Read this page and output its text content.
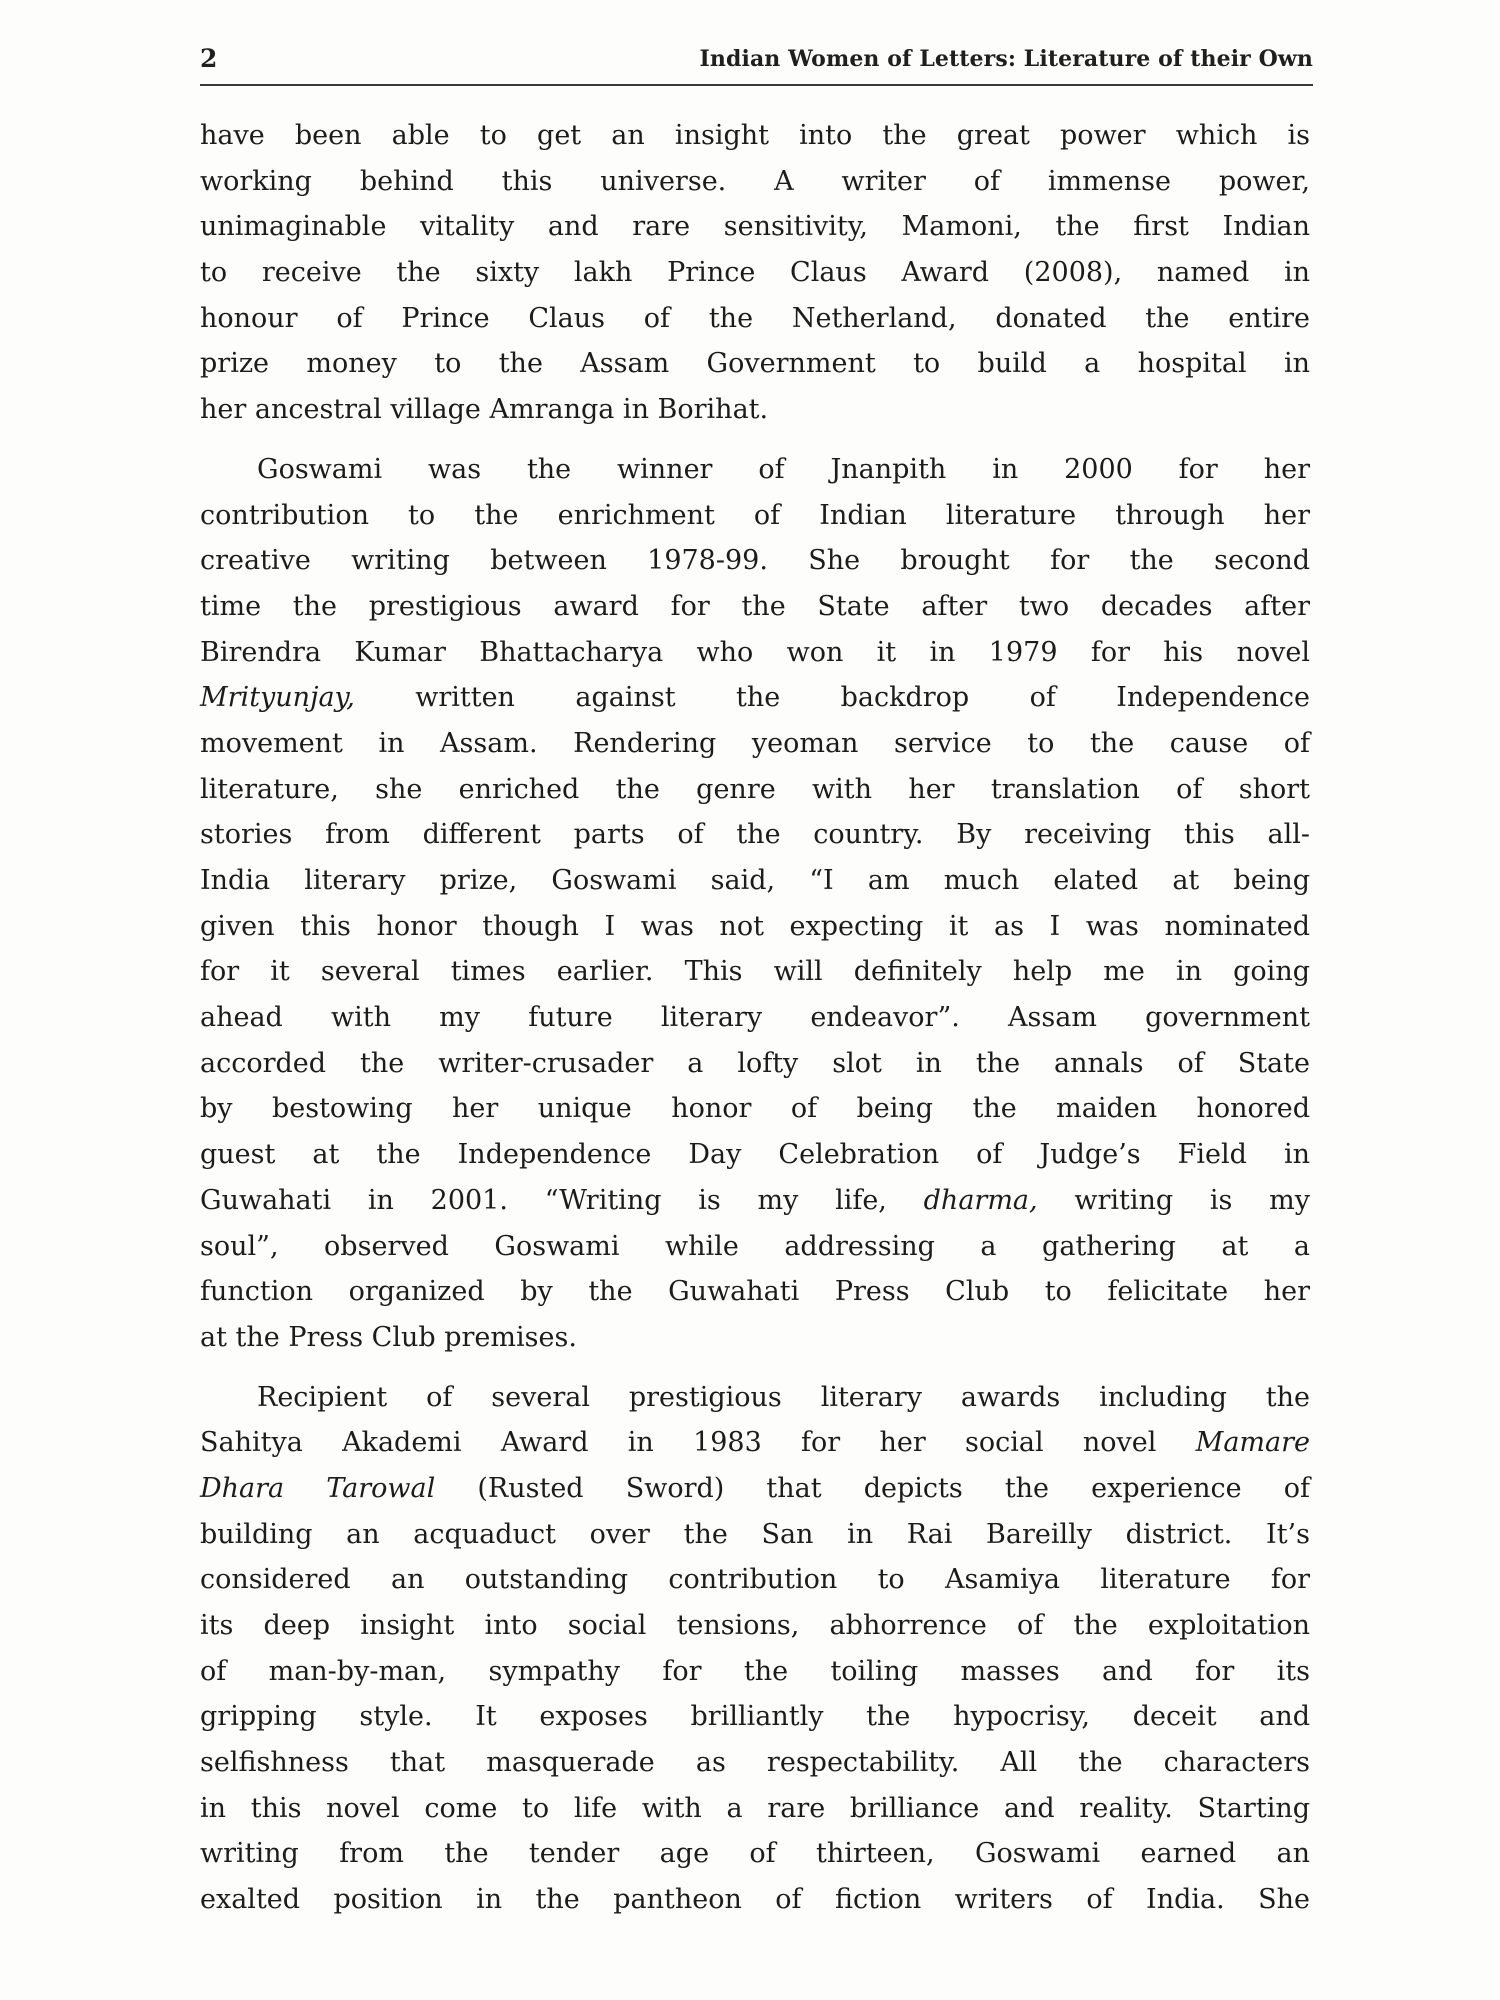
2	Indian Women of Letters: Literature of their Own
have been able to get an insight into the great power which is
working behind this universe. A writer of immense power,
unimaginable vitality and rare sensitivity, Mamoni, the first Indian
to receive the sixty lakh Prince Claus Award (2008), named in
honour of Prince Claus of the Netherland, donated the entire
prize money to the Assam Government to build a hospital in
her ancestral village Amranga in Borihat.
Goswami was the winner of Jnanpith in 2000 for her
contribution to the enrichment of Indian literature through her
creative writing between 1978-99. She brought for the second
time the prestigious award for the State after two decades after
Birendra Kumar Bhattacharya who won it in 1979 for his novel
Mrityunjay, written against the backdrop of Independence
movement in Assam. Rendering yeoman service to the cause of
literature, she enriched the genre with her translation of short
stories from different parts of the country. By receiving this all-
India literary prize, Goswami said, “I am much elated at being
given this honor though I was not expecting it as I was nominated
for it several times earlier. This will definitely help me in going
ahead with my future literary endeavor”. Assam government
accorded the writer-crusader a lofty slot in the annals of State
by bestowing her unique honor of being the maiden honored
guest at the Independence Day Celebration of Judge’s Field in
Guwahati in 2001. “Writing is my life, dharma, writing is my
soul”, observed Goswami while addressing a gathering at a
function organized by the Guwahati Press Club to felicitate her
at the Press Club premises.
Recipient of several prestigious literary awards including the
Sahitya Akademi Award in 1983 for her social novel Mamare
Dhara Tarowal (Rusted Sword) that depicts the experience of
building an acquaduct over the San in Rai Bareilly district. It’s
considered an outstanding contribution to Asamiya literature for
its deep insight into social tensions, abhorrence of the exploitation
of man-by-man, sympathy for the toiling masses and for its
gripping style. It exposes brilliantly the hypocrisy, deceit and
selfishness that masquerade as respectability. All the characters
in this novel come to life with a rare brilliance and reality. Starting
writing from the tender age of thirteen, Goswami earned an
exalted position in the pantheon of fiction writers of India. She
